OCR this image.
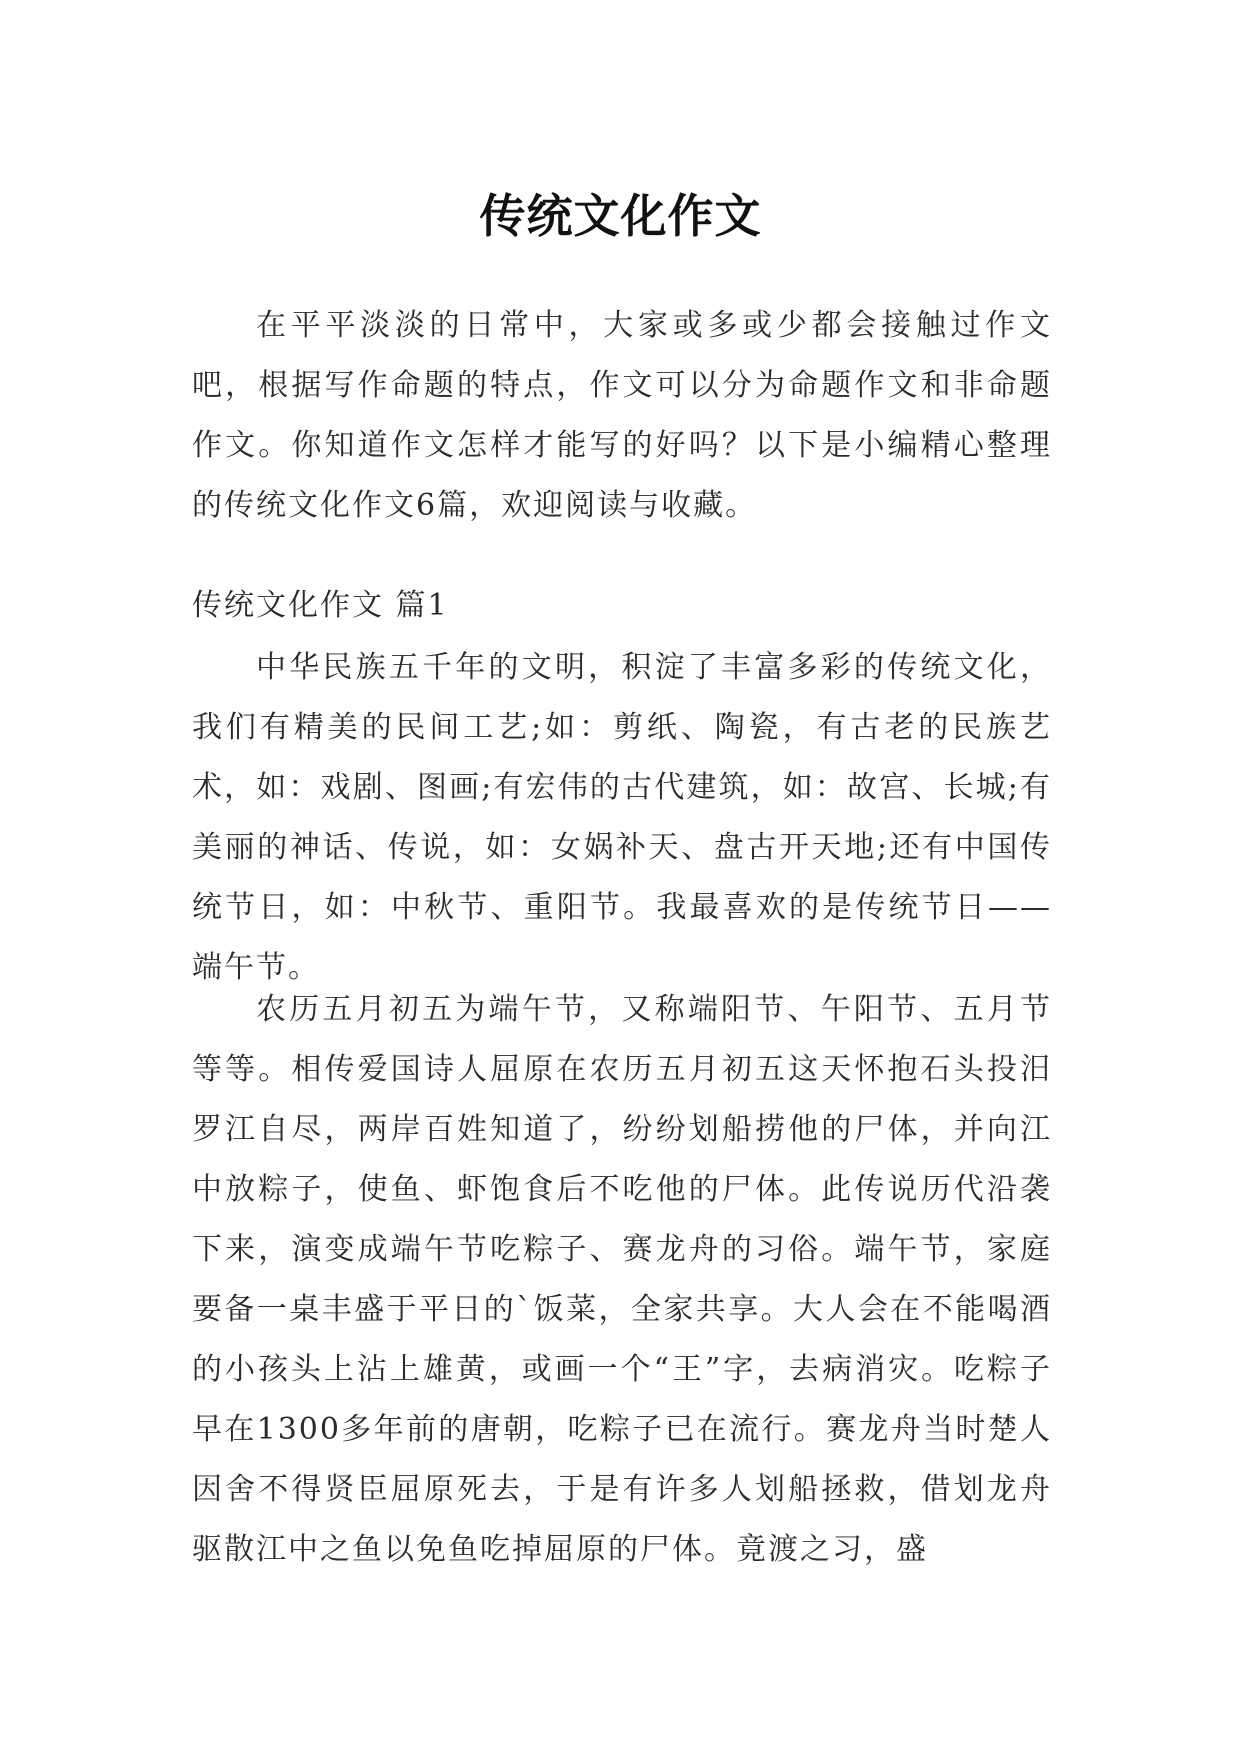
传统文化作文

在平平淡淡的日常中，大家或多或少都会接触过作文吧，根据写作命题的特点，作文可以分为命题作文和非命题作文。你知道作文怎样才能写的好吗？以下是小编精心整理的传统文化作文6篇，欢迎阅读与收藏。

传统文化作文 篇1

中华民族五千年的文明，积淀了丰富多彩的传统文化，我们有精美的民间工艺;如：剪纸、陶瓷，有古老的民族艺术，如：戏剧、图画;有宏伟的古代建筑，如：故宫、长城;有美丽的神话、传说，如：女娲补天、盘古开天地;还有中国传统节日，如：中秋节、重阳节。我最喜欢的是传统节日——端午节。

农历五月初五为端午节，又称端阳节、午阳节、五月节等等。相传爱国诗人屈原在农历五月初五这天怀抱石头投汨罗江自尽，两岸百姓知道了，纷纷划船捞他的尸体，并向江中放粽子，使鱼、虾饱食后不吃他的尸体。此传说历代沿袭下来，演变成端午节吃粽子、赛龙舟的习俗。端午节，家庭要备一桌丰盛于平日的`饭菜，全家共享。大人会在不能喝酒的小孩头上沾上雄黄，或画一个“王”字，去病消灾。吃粽子早在1300多年前的唐朝，吃粽子已在流行。赛龙舟当时楚人因舍不得贤臣屈原死去，于是有许多人划船拯救，借划龙舟驱散江中之鱼以免鱼吃掉屈原的尸体。竟渡之习，盛
